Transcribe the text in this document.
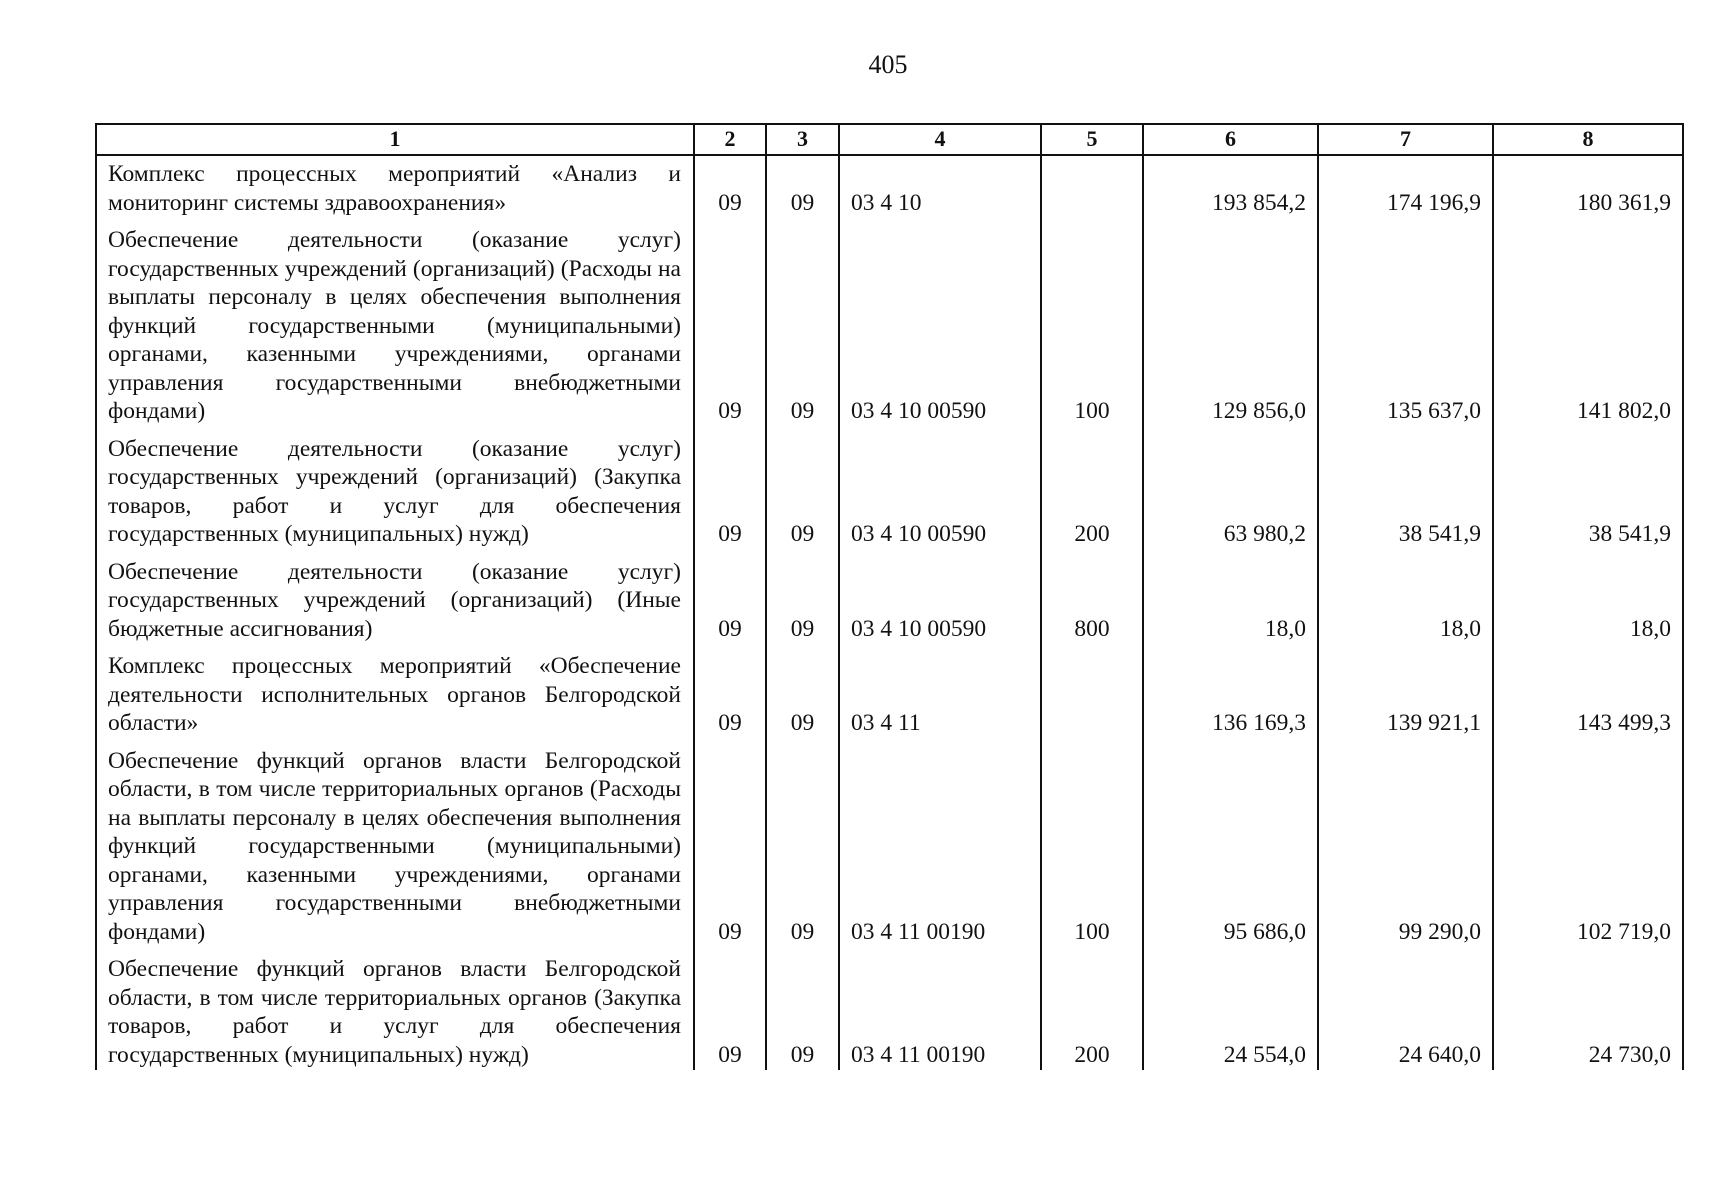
405
1	2	3	4	5	6	7	8
Комплекс процессных мероприятий «Анализ и мониторинг системы здравоохранения»	09	09	03 4 10		193 854,2	174 196,9	180 361,9
Обеспечение деятельности (оказание услуг) государственных учреждений (организаций) (Расходы на выплаты персоналу в целях обеспечения выполнения функций государственными (муниципальными) органами, казенными учреждениями, органами управления государственными внебюджетными фондами)	09	09	03 4 10 00590	100	129 856,0	135 637,0	141 802,0
Обеспечение деятельности (оказание услуг) государственных учреждений (организаций) (Закупка товаров, работ и услуг для обеспечения государственных (муниципальных) нужд)	09	09	03 4 10 00590	200	63 980,2	38 541,9	38 541,9
Обеспечение деятельности (оказание услуг) государственных учреждений (организаций) (Иные бюджетные ассигнования)	09	09	03 4 10 00590	800	18,0	18,0	18,0
Комплекс процессных мероприятий «Обеспечение деятельности исполнительных органов Белгородской области»	09	09	03 4 11		136 169,3	139 921,1	143 499,3
Обеспечение функций органов власти Белгородской области, в том числе территориальных органов (Расходы на выплаты персоналу в целях обеспечения выполнения функций государственными (муниципальными) органами, казенными учреждениями, органами управления государственными внебюджетными фондами)	09	09	03 4 11 00190	100	95 686,0	99 290,0	102 719,0
Обеспечение функций органов власти Белгородской области, в том числе территориальных органов (Закупка товаров, работ и услуг для обеспечения государственных (муниципальных) нужд)	09	09	03 4 11 00190	200	24 554,0	24 640,0	24 730,0
